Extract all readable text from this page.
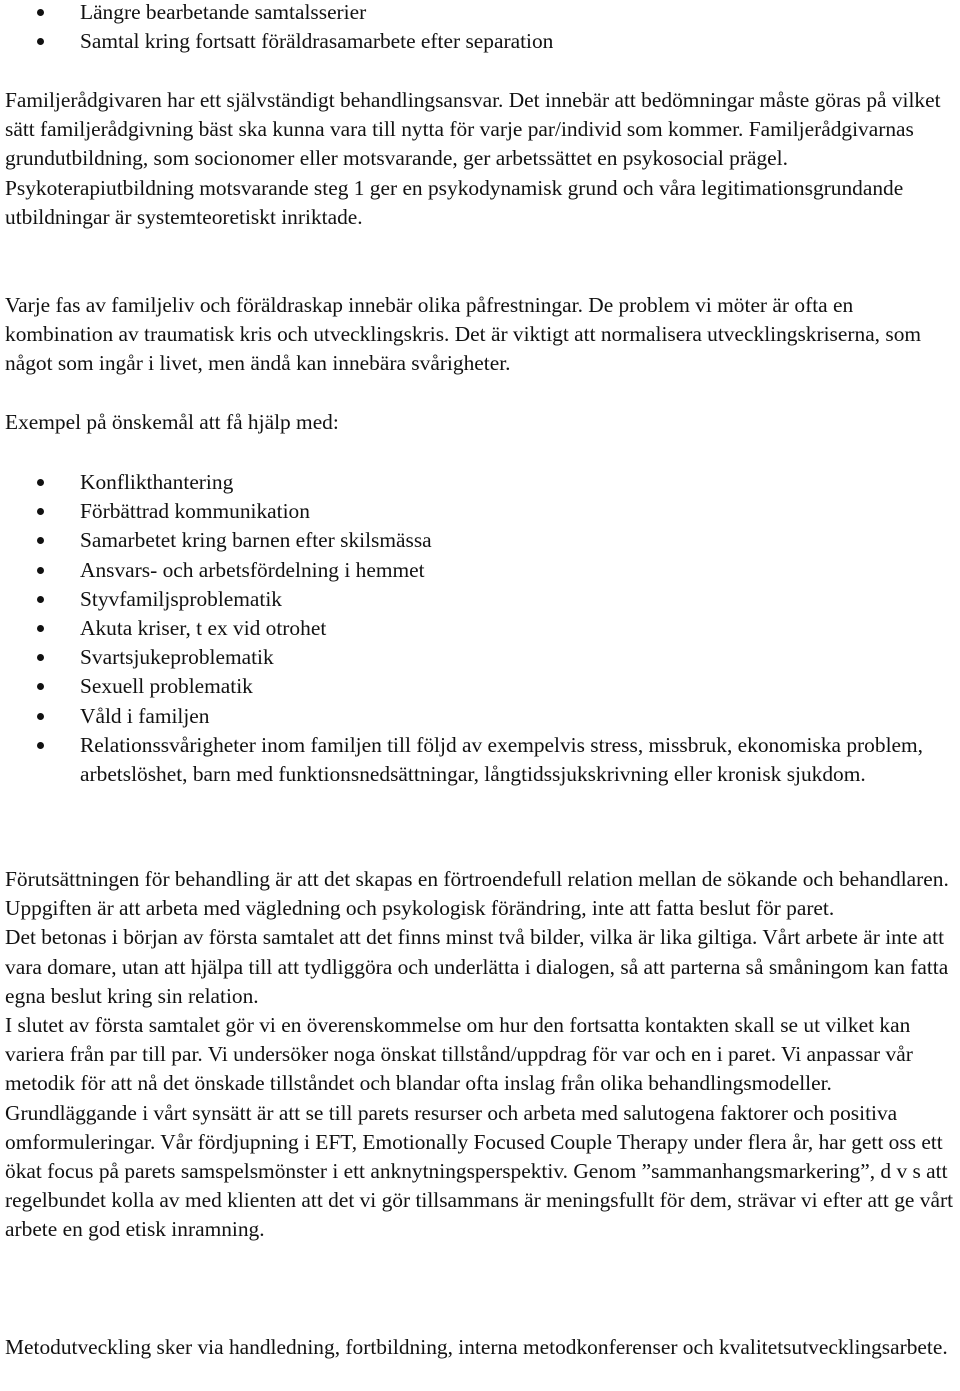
Längre bearbetande samtalsserier
Samtal kring fortsatt föräldrasamarbete efter separation

Familjerådgivaren har ett självständigt behandlingsansvar. Det innebär att bedömningar måste göras på vilket sätt familjerådgivning bäst ska kunna vara till nytta för varje par/individ som kommer. Familjerådgivarnas grundutbildning, som socionomer eller motsvarande, ger arbetssättet en psykosocial prägel. Psykoterapiutbildning motsvarande steg 1 ger en psykodynamisk grund och våra legitimationsgrundande utbildningar är systemteoretiskt inriktade.

Varje fas av familjeliv och föräldraskap innebär olika påfrestningar. De problem vi möter är ofta en kombination av traumatisk kris och utvecklingskris. Det är viktigt att normalisera utvecklingskriserna, som något som ingår i livet, men ändå kan innebära svårigheter.

Exempel på önskemål att få hjälp med:

Konflikthantering
Förbättrad kommunikation
Samarbetet kring barnen efter skilsmässa
Ansvars- och arbetsfördelning i hemmet
Styvfamiljsproblematik
Akuta kriser, t ex vid otrohet
Svartsjukeproblematik
Sexuell problematik
Våld i familjen
Relationssvårigheter inom familjen till följd av exempelvis stress, missbruk, ekonomiska problem, arbetslöshet, barn med funktionsnedsättningar, långtidssjukskrivning eller kronisk sjukdom.

Förutsättningen för behandling är att det skapas en förtroendefull relation mellan de sökande och behandlaren. Uppgiften är att arbeta med vägledning och psykologisk förändring, inte att fatta beslut för paret.

Det betonas i början av första samtalet att det finns minst två bilder, vilka är lika giltiga. Vårt arbete är inte att vara domare, utan att hjälpa till att tydliggöra och underlätta i dialogen, så att parterna så småningom kan fatta egna beslut kring sin relation.

I slutet av första samtalet gör vi en överenskommelse om hur den fortsatta kontakten skall se ut vilket kan variera från par till par. Vi undersöker noga önskat tillstånd/uppdrag för var och en i paret. Vi anpassar vår metodik för att nå det önskade tillståndet och blandar ofta inslag från olika behandlingsmodeller. Grundläggande i vårt synsätt är att se till parets resurser och arbeta med salutogena faktorer och positiva omformuleringar. Vår fördjupning i EFT, Emotionally Focused Couple Therapy under flera år, har gett oss ett ökat focus på parets samspelsmönster i ett anknytningsperspektiv. Genom ”sammanhangsmarkering”, d v s att regelbundet kolla av med klienten att det vi gör tillsammans är meningsfullt för dem, strävar vi efter att ge vårt arbete en god etisk inramning.

Metodutveckling sker via handledning, fortbildning, interna metodkonferenser och kvalitetsutvecklingsarbete.
